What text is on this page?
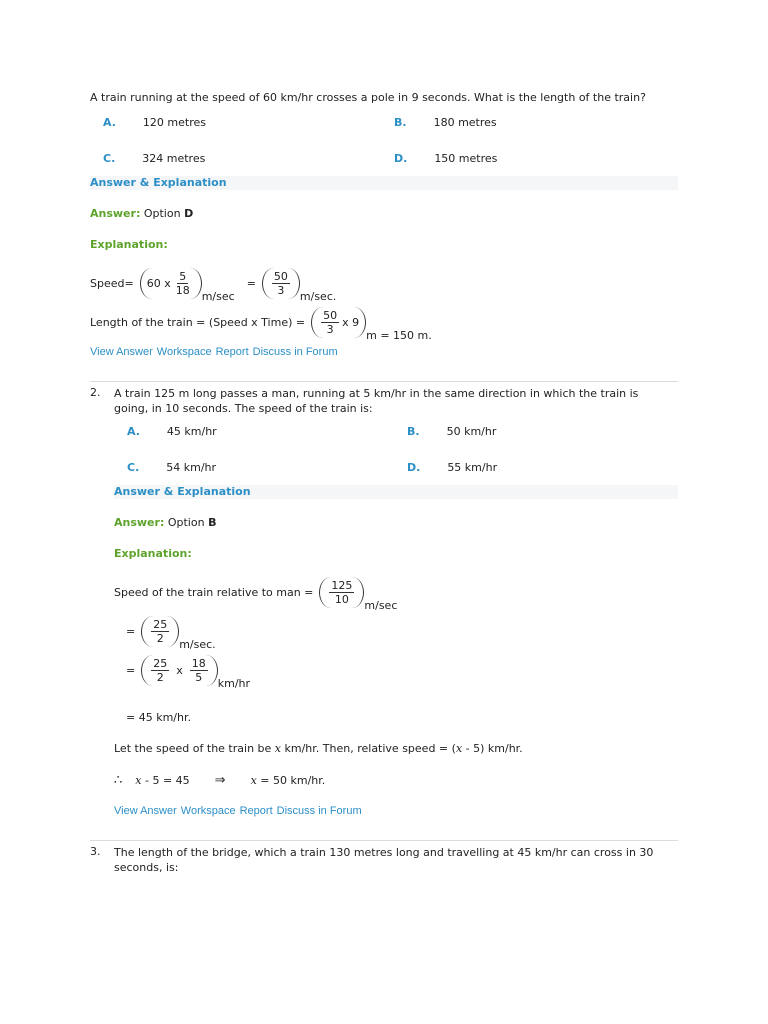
A train running at the speed of 60 km/hr crosses a pole in 9 seconds. What is the length of the train?
A. 120 metres	B. 180 metres
C. 324 metres	D. 150 metres
Answer & Explanation
Answer: Option D
Explanation:
Speed= 60 x $\frac{5}{18} m/\sec$
= $\frac{50}{3} m/\sec$.
Length of the train = (Speed x Time) = $\frac{50}{3}$ x 9
m = 150 m.
View Answer Workspace Report Discuss in Forum
2. A train 125 m long passes a man, running at 5 km/hr in the same direction in which the train is
going, in 10 seconds. The speed of the train is:
A. 45 km/hr	B. 50 km/hr
C. 54 km/hr	D. 55 km/hr
Answer & Explanation
Answer: Option B
Explanation:
Speed of the train relative to man = $\frac{125}{10} m/\sec$
= $\frac{25}{2} m/\sec$.
= $\frac{25}{2}$ x $\frac{18}{5} km/hr$
= 45 km/hr.
Let the speed of the train be x km/hr. Then, relative speed = (x - 5) km/hr.
∴ x - 5 = 45 ⇒ x = 50 km/hr.
View Answer Workspace Report Discuss in Forum
3. The length of the bridge, which a train 130 metres long and travelling at 45 km/hr can cross in 30
seconds, is:
